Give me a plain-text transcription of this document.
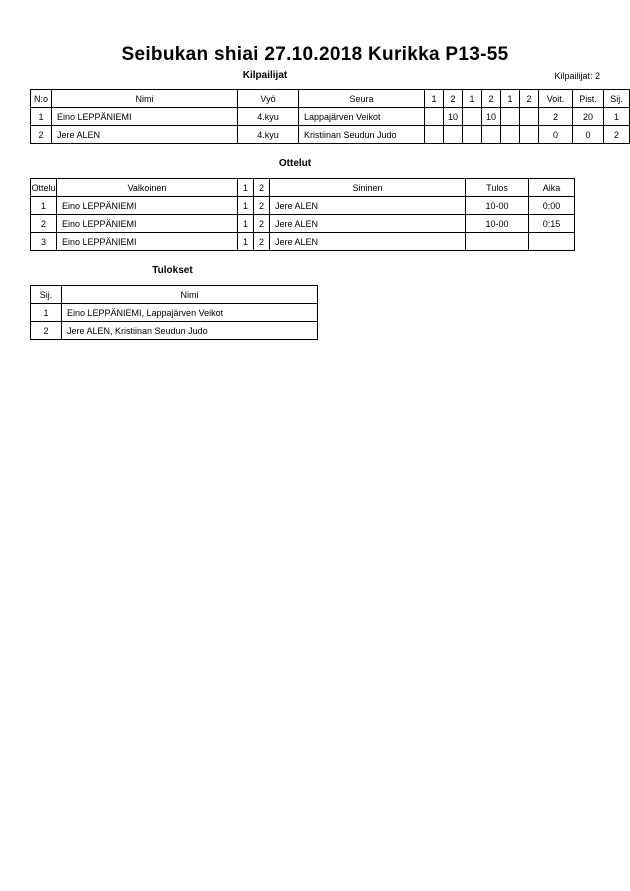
Seibukan shiai 27.10.2018 Kurikka P13-55
Kilpailijat	Kilpailijat: 2
N:o	Nimi	Vyö	Seura	1	2	1	2	1	2	Voit.	Pist.	Sij.
1	Eino LEPPÄNIEMI	4.kyu	Lappajärven Veikot		10		10			2	20	1
2	Jere ALEN	4.kyu	Kristiinan Seudun Judo							0	0	2
Ottelut
Ottelu	Valkoinen	1	2	Sininen	Tulos	Aika
1	Eino LEPPÄNIEMI	1	2	Jere ALEN	10-00	0:00
2	Eino LEPPÄNIEMI	1	2	Jere ALEN	10-00	0:15
3	Eino LEPPÄNIEMI	1	2	Jere ALEN		
Tulokset
Sij.	Nimi
1	Eino LEPPÄNIEMI, Lappajärven Veikot
2	Jere ALEN, Kristiinan Seudun Judo
